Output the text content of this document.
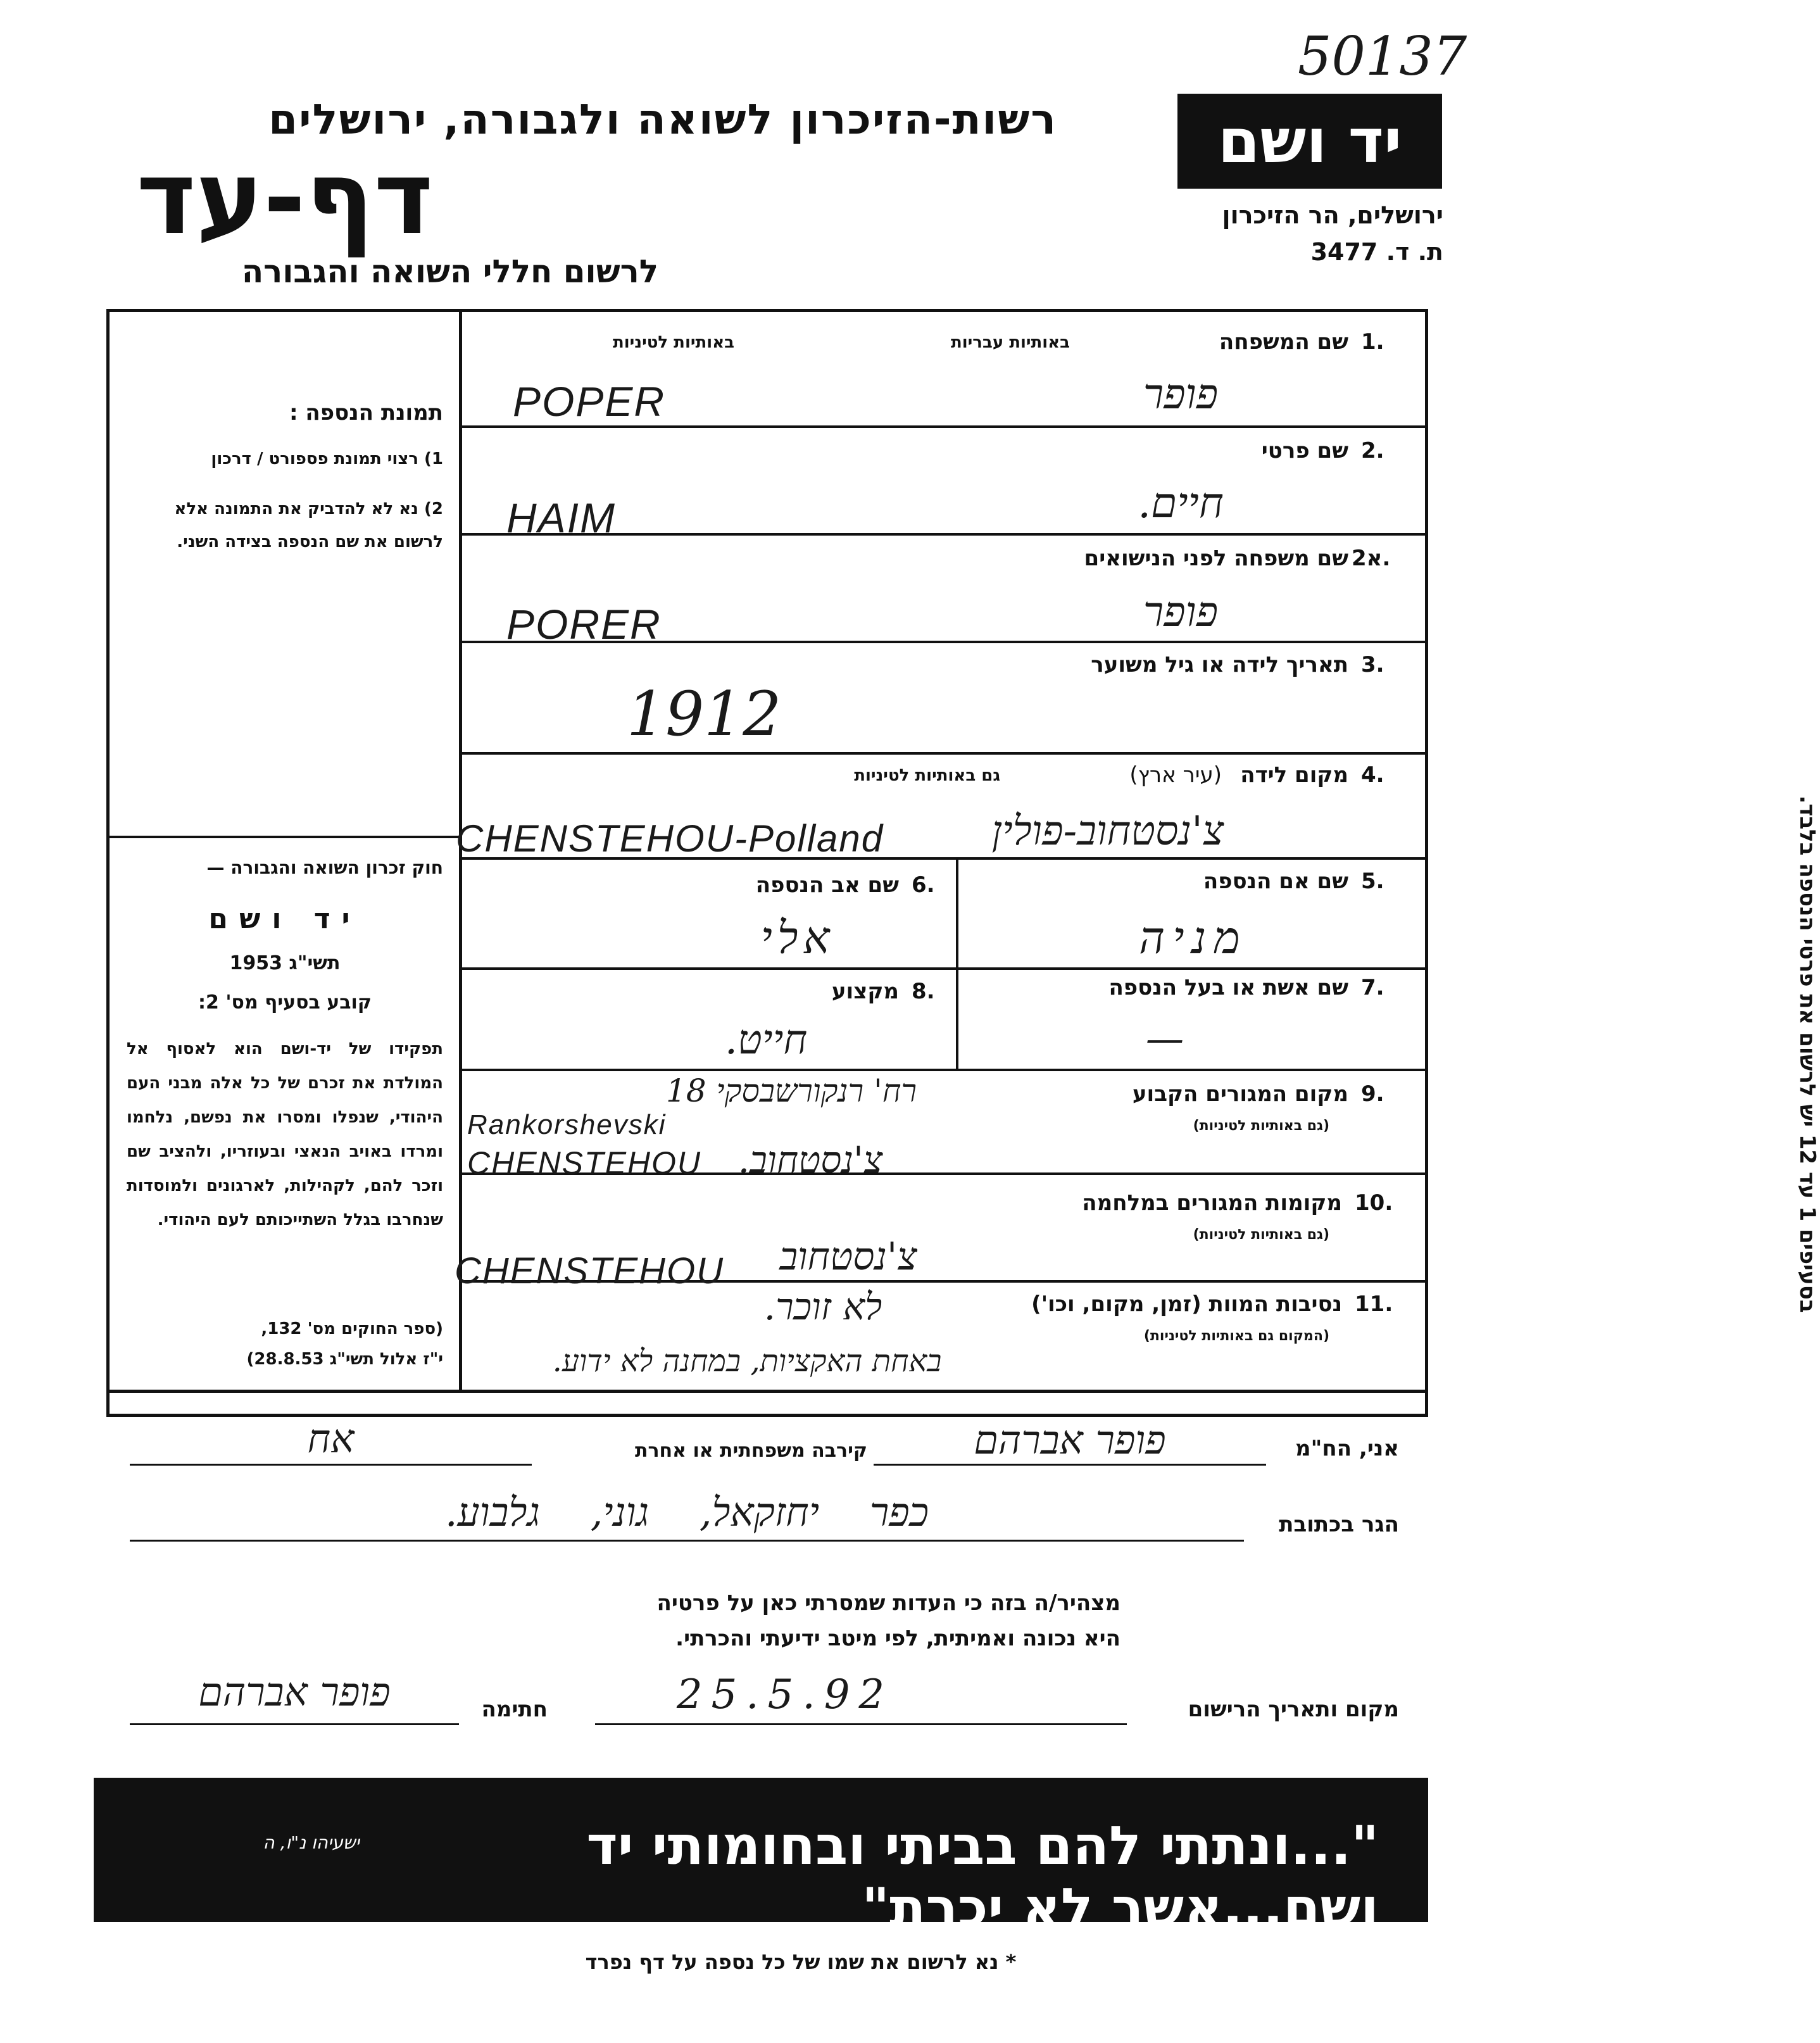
50137
רשות-הזיכרון לשואה ולגבורה, ירושלים
דף-עד
לרשום חללי השואה והגבורה
יד ושם
ירושלים, הר הזיכרון
ת. ד. 3477
תמונת הנספה :
1) רצוי תמונת פספורט / דרכון
2) נא לא להדביק את התמונה אלא לרשום את שם הנספה בצידה השני.
חוק זכרון השואה והגבורה —
יד ושם
תשי"ג 1953
קובע בסעיף מס' 2:
תפקידו של יד-ושם הוא לאסוף אל המולדת את זכרם של כל אלה מבני העם היהודי, שנפלו ומסרו את נפשם, נלחמו ומרדו באויב הנאצי ובעוזריו, ולהציב שם וזכר להם, לקהילות, לארגונים ולמוסדות שנחרבו בגלל השתייכותם לעם היהודי.
(ספר החוקים מס' 132,
י"ז אלול תשי"ג 28.8.53)
בסעיפים 1 עד 12 יש לרשום את פרטי הנספה בלבד.
1.
שם המשפחה
באותיות עבריות
באותיות לטיניות
POPER	פופר
2.
שם פרטי
HAIM	חיים.
2א.
שם משפחה לפני הנישואים
PORER	פופר
3.
תאריך לידה או גיל משוער
1912
4.
מקום לידה
(עיר ארץ)
גם באותיות לטיניות
CHENSTEHOU-Polland	צ'נסטחוב-פולין
5.
שם אם הנספה
מניה
6.
שם אב הנספה
אלי
7.
שם אשת או בעל הנספה
—
8.
מקצוע
חייט.
9.
מקום המגורים הקבוע
(גם באותיות לטיניות)
רח' רנקורשבסקי 18
Rankorshevski
CHENSTEHOU צ'נסטחוב.
10.
מקומות המגורים במלחמה
(גם באותיות לטיניות)
CHENSTEHOU	צ'נסטחוב
11.
נסיבות המוות (זמן, מקום, וכו')
(המקום גם באותיות לטיניות)
לא זוכר.
באחת האקציות, במחנה לא ידוע.
אני, הח"מ
פופר אברהם
קירבה משפחתית או אחרת
אח
הגר בכתובת
כפר יחזקאל, גוני, גלבוע.
מצהיר/ה בזה כי העדות שמסרתי כאן על פרטיה
היא נכונה ואמיתית, לפי מיטב ידיעתי והכרתי.
מקום ותאריך הרישום
25.5.92
חתימה
פופר אברהם
"...ונתתי להם בביתי ובחומותי יד ושם...אשר לא יכרת"
ישעיהו נ"ו, ה
* נא לרשום את שמו של כל נספה על דף נפרד
